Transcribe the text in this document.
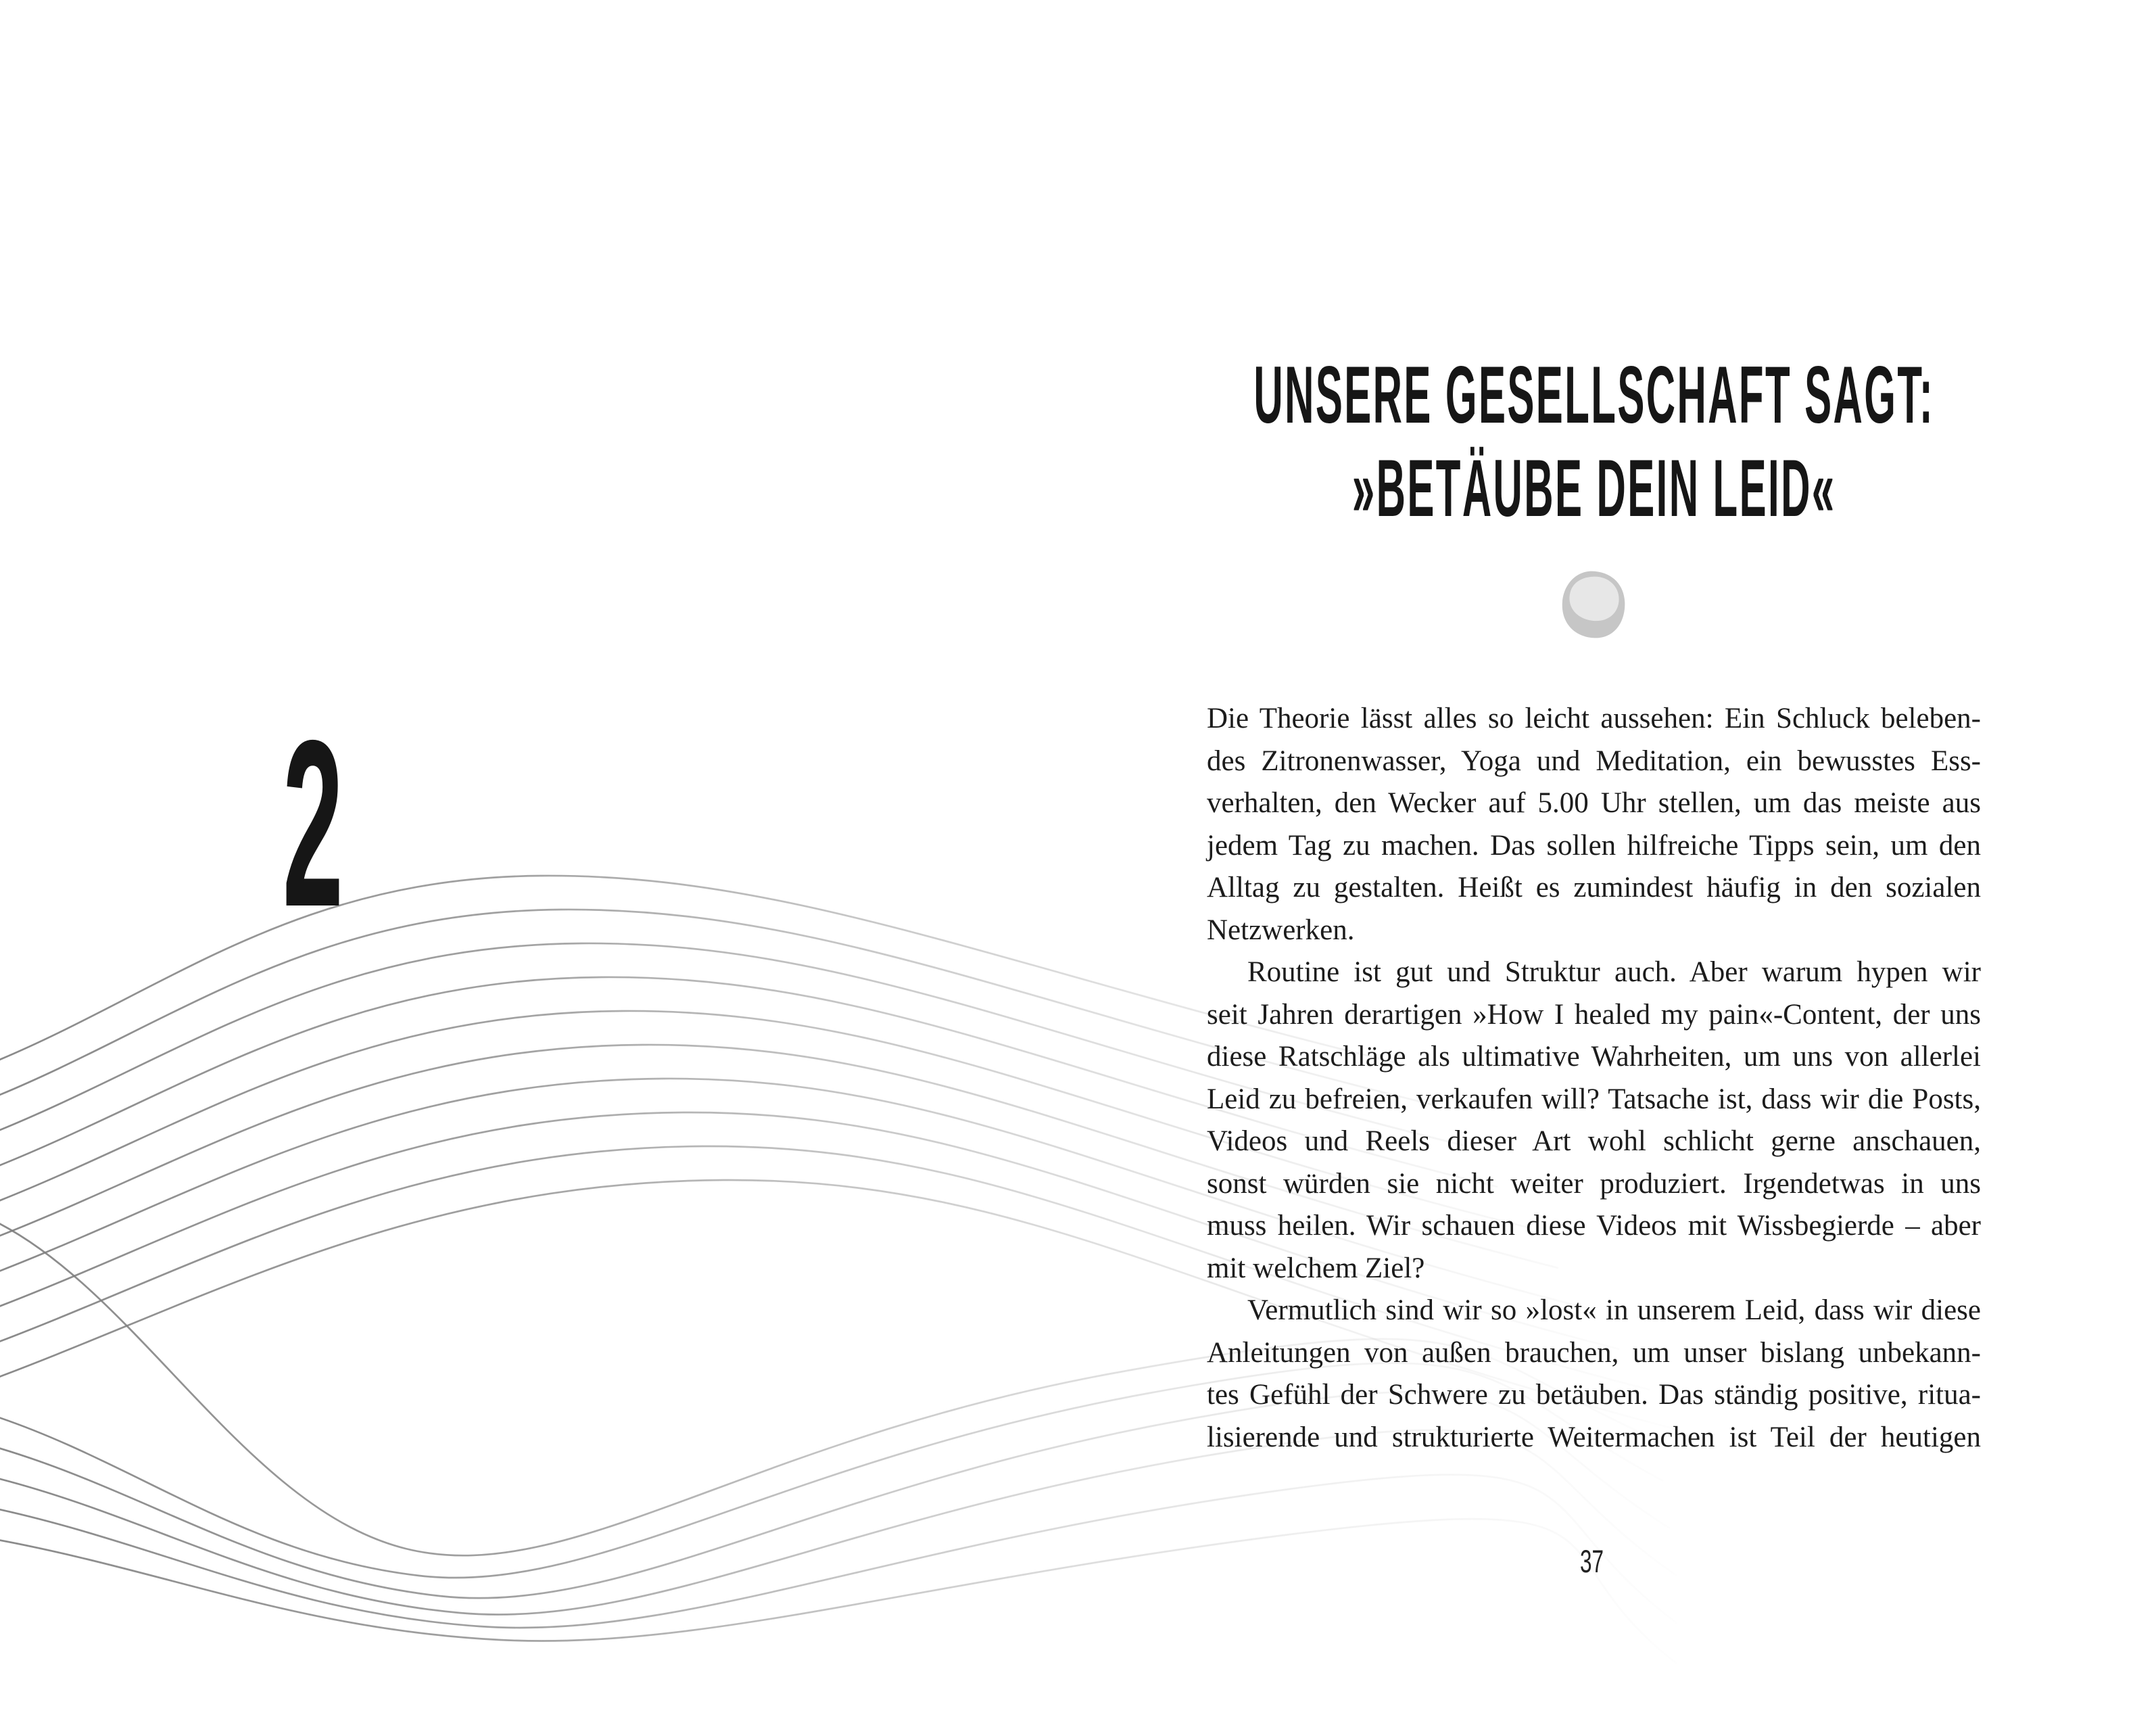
2
UNSERE GESELLSCHAFT SAGT:
»BETÄUBE DEIN LEID«
Die Theorie lässt alles so leicht aussehen: Ein Schluck beleben-
des Zitronenwasser, Yoga und Meditation, ein bewusstes Ess-
verhalten, den Wecker auf 5.00 Uhr stellen, um das meiste aus
jedem Tag zu machen. Das sollen hilfreiche Tipps sein, um den
Alltag zu gestalten. Heißt es zumindest häufig in den sozialen
Netzwerken.
Routine ist gut und Struktur auch. Aber warum hypen wir
seit Jahren derartigen »How I healed my pain«-Content, der uns
diese Ratschläge als ultimative Wahrheiten, um uns von allerlei
Leid zu befreien, verkaufen will? Tatsache ist, dass wir die Posts,
Videos und Reels dieser Art wohl schlicht gerne anschauen,
sonst würden sie nicht weiter produziert. Irgendetwas in uns
muss heilen. Wir schauen diese Videos mit Wissbegierde – aber
mit welchem Ziel?
Vermutlich sind wir so »lost« in unserem Leid, dass wir diese
Anleitungen von außen brauchen, um unser bislang unbekann-
tes Gefühl der Schwere zu betäuben. Das ständig positive, ritua-
lisierende und strukturierte Weitermachen ist Teil der heutigen
37
